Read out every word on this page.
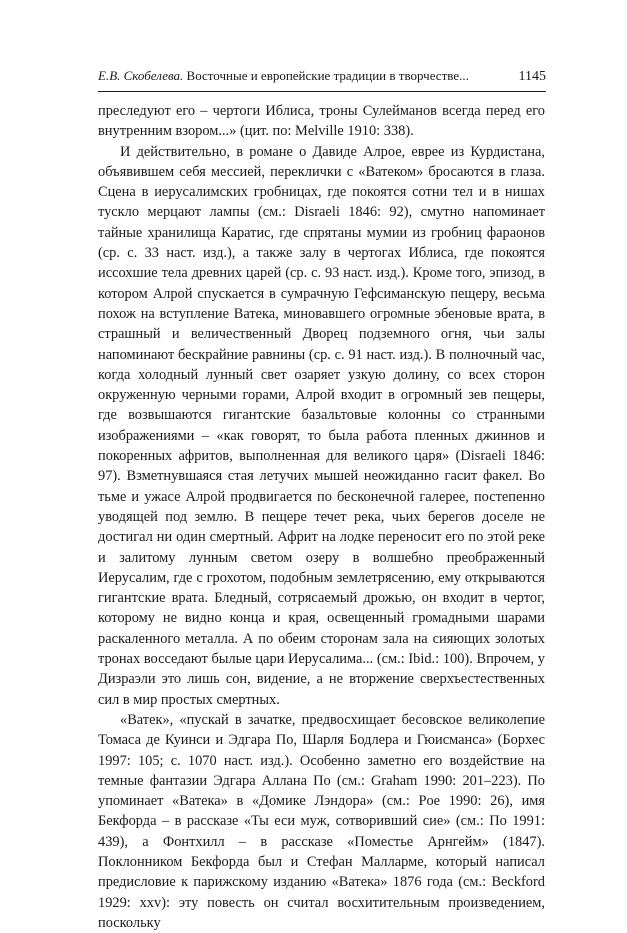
Е.В. Скобелева. Восточные и европейские традиции в творчестве...	1145

преследуют его – чертоги Иблиса, троны Сулейманов всегда перед его внутренним взором...» (цит. по: Melville 1910: 338).

И действительно, в романе о Давиде Алрое, еврее из Курдистана, объявившем себя мессией, переклички с «Ватеком» бросаются в глаза. Сцена в иерусалимских гробницах, где покоятся сотни тел и в нишах тускло мерцают лампы (см.: Disraeli 1846: 92), смутно напоминает тайные хранилища Каратис, где спрятаны мумии из гробниц фараонов (ср. с. 33 наст. изд.), а также залу в чертогах Иблиса, где покоятся иссохшие тела древних царей (ср. с. 93 наст. изд.). Кроме того, эпизод, в котором Алрой спускается в сумрачную Гефсиманскую пещеру, весьма похож на вступление Ватека, миновавшего огромные эбеновые врата, в страшный и величественный Дворец подземного огня, чьи залы напоминают бескрайние равнины (ср. с. 91 наст. изд.). В полночный час, когда холодный лунный свет озаряет узкую долину, со всех сторон окруженную черными горами, Алрой входит в огромный зев пещеры, где возвышаются гигантские базальтовые колонны со странными изображениями – «как говорят, то была работа пленных джиннов и покоренных афритов, выполненная для великого царя» (Disraeli 1846: 97). Взметнувшаяся стая летучих мышей неожиданно гасит факел. Во тьме и ужасе Алрой продвигается по бесконечной галерее, постепенно уводящей под землю. В пещере течет река, чьих берегов доселе не достигал ни один смертный. Африт на лодке переносит его по этой реке и залитому лунным светом озеру в волшебно преображенный Иерусалим, где с грохотом, подобным землетрясению, ему открываются гигантские врата. Бледный, сотрясаемый дрожью, он входит в чертог, которому не видно конца и края, освещенный громадными шарами раскаленного металла. А по обеим сторонам зала на сияющих золотых тронах восседают былые цари Иерусалима... (см.: Ibid.: 100). Впрочем, у Дизраэли это лишь сон, видение, а не вторжение сверхъестественных сил в мир простых смертных.

«Ватек», «пускай в зачатке, предвосхищает бесовское великолепие Томаса де Куинси и Эдгара По, Шарля Бодлера и Гюисманса» (Борхес 1997: 105; с. 1070 наст. изд.). Особенно заметно его воздействие на темные фантазии Эдгара Аллана По (см.: Graham 1990: 201–223). По упоминает «Ватека» в «Домике Лэндора» (см.: Poe 1990: 26), имя Бекфорда – в рассказе «Ты еси муж, сотворивший сие» (см.: По 1991: 439), а Фонтхилл – в рассказе «Поместье Арнгейм» (1847). Поклонником Бекфорда был и Стефан Малларме, который написал предисловие к парижскому изданию «Ватека» 1876 года (см.: Beckford 1929: xxv): эту повесть он считал восхитительным произведением, поскольку
